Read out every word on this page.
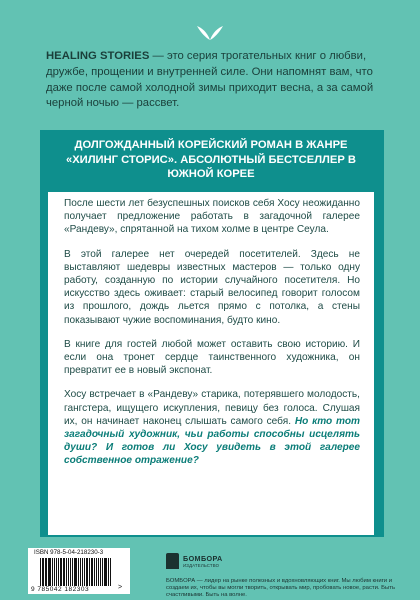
HEALING STORIES — это серия трогательных книг о любви, дружбе, прощении и внутренней силе. Они напомнят вам, что даже после самой холодной зимы приходит весна, а за самой черной ночью — рассвет.
ДОЛГОЖДАННЫЙ КОРЕЙСКИЙ РОМАН В ЖАНРЕ «ХИЛИНГ СТОРИС». АБСОЛЮТНЫЙ БЕСТСЕЛЛЕР В ЮЖНОЙ КОРЕЕ

После шести лет безуспешных поисков себя Хосу неожиданно получает предложение работать в загадочной галерее «Рандеву», спрятанной на тихом холме в центре Сеула.

В этой галерее нет очередей посетителей. Здесь не выставляют шедевры известных мастеров — только одну работу, созданную по истории случайного посетителя. Но искусство здесь оживает: старый велосипед говорит голосом из прошлого, дождь льется прямо с потолка, а стены показывают чужие воспоминания, будто кино.

В книге для гостей любой может оставить свою историю. И если она тронет сердце таинственного художника, он превратит ее в новый экспонат.

Хосу встречает в «Рандеву» старика, потерявшего молодость, гангстера, ищущего искупления, певицу без голоса. Слушая их, он начинает наконец слышать самого себя. Но кто тот загадочный художник, чьи работы способны исцелять души? И готов ли Хосу увидеть в этой галерее собственное отражение?

ISBN 978-5-04-218230-3
9 785042 182303	>
БОМБОРА
ИЗДАТЕЛЬСТВО
БОМБОРА — лидер на рынке полезных и вдохновляющих книг. Мы любим книги и создаем их, чтобы вы могли творить, открывать мир, пробовать новое, расти. Быть счастливыми. Быть на волне.
